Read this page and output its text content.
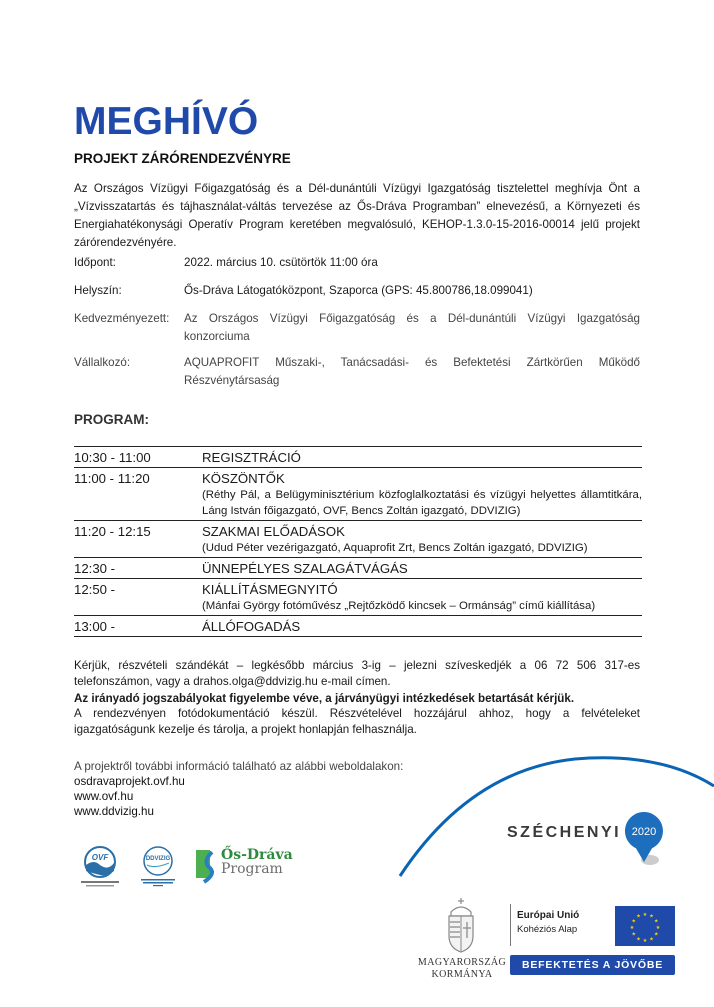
MEGHÍVÓ
PROJEKT ZÁRÓRENDEZVÉNYRE

Az Országos Vízügyi Főigazgatóság és a Dél-dunántúli Vízügyi Igazgatóság tisztelettel meghívja Önt a „Vízvisszatartás és tájhasználat-váltás tervezése az Ős-Dráva Programban” elnevezésű, a Környezeti és Energiahatékonysági Operatív Program keretében megvalósuló, KEHOP-1.3.0-15-2016-00014 jelű projekt zárórendezvényére.

Időpont:	2022. március 10. csütörtök 11:00 óra
Helyszín:	Ős-Dráva Látogatóközpont, Szaporca (GPS: 45.800786,18.099041)
Kedvezményezett:	Az Országos Vízügyi Főigazgatóság és a Dél-dunántúli Vízügyi Igazgatóság konzorciuma
Vállalkozó:	AQUAPROFIT Műszaki-, Tanácsadási- és Befektetési Zártkörűen Működő Részvénytársaság
PROGRAM:
10:30 - 11:00	REGISZTRÁCIÓ
11:00 - 11:20	KÖSZÖNTŐK
(Réthy Pál, a Belügyminisztérium közfoglalkoztatási és vízügyi helyettes államtitkára, Láng István főigazgató, OVF, Bencs Zoltán igazgató, DDVIZIG)
11:20 - 12:15	SZAKMAI ELŐADÁSOK
(Udud Péter vezérigazgató, Aquaprofit Zrt, Bencs Zoltán igazgató, DDVIZIG)
12:30 -	ÜNNEPÉLYES SZALAGÁTVÁGÁS
12:50 -	KIÁLLÍTÁSMEGNYITÓ
(Mánfai György fotóművész „Rejtőzködő kincsek – Ormánság” című kiállítása)
13:00 -	ÁLLÓFOGADÁS

Kérjük, részvételi szándékát – legkésőbb március 3-ig – jelezni szíveskedjék a 06 72 506 317-es telefonszámon, vagy a drahos.olga@ddvizig.hu e-mail címen.

Az irányadó jogszabályokat figyelembe véve, a járványügyi intézkedések betartását kérjük.

A rendezvényen fotódokumentáció készül. Részvételével hozzájárul ahhoz, hogy a felvételeket igazgatóságunk kezelje és tárolja, a projekt honlapján felhasználja.

A projektről további információ található az alábbi weboldalakon:
osdravaprojekt.ovf.hu
www.ovf.hu
www.ddvizig.hu
OVF	DDVIZIG	Ős-Dráva
Program
SZÉCHENYI 2020
MAGYARORSZÁG
KORMÁNYA
Európai Unió
Kohéziós Alap
★ ★
★
★
★
★
★
★
★
★
★
★
BEFEKTETÉS A JÖVŐBE
